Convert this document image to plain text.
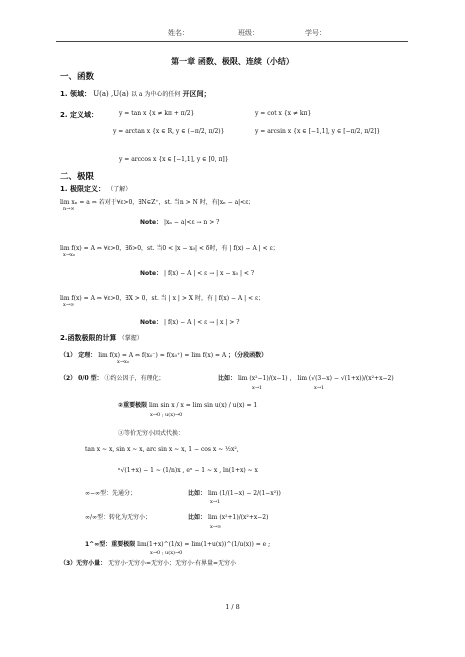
姓名：	班级：	学号：
第一章 函数、极限、连续（小结）
一、函数
1. 领域： U(a) ,U(a) 以 a 为中心的任何 开区间；
2. 定义域：	y = tan x {x ≠ kπ + π/2}	y = cot x {x ≠ kπ}
y = arctan x {x ∈ R, y ∈ (−π/2, π/2)}	y = arcsin x {x ∈ [−1,1], y ∈ [−π/2, π/2]}
y = arccos x {x ∈ [−1,1], y ∈ [0, π]}
二、极限
1. 极限定义： （了解）
lim xₙ = a ⇔ 若对于∀ε>0，∃N∈Z⁺，st. 当n > N 时，有|xₙ − a|<ε；
n→∞
Note： |xₙ − a|<ε → n > ?
lim f(x) = A ⇔ ∀ε>0，∃δ>0，st. 当0 < |x − x₀| < δ时，有 | f(x) − A | < ε；
x→x₀
Note： | f(x) − A | < ε → | x − x₀ | < ?
lim f(x) = A ⇔ ∀ε>0，∃X > 0，st. 当 | x | > X 时，有 | f(x) − A | < ε；
x→∞
Note： | f(x) − A | < ε → | x | > ?
2.函数极限的计算 （掌握）
（1） 定理： lim f(x) = A ⇔ f(x₀⁻) = f(x₀⁺) = lim f(x) = A ；（分段函数）
x→x₀
（2） 0/0 型： ①约公因子，有理化；	比如： lim (x²−1)/(x−1) ， lim (√(3−x) − √(1+x))/(x²+x−2)
x→1	x→1
②重要极限 lim sin x / x = lim sin u(x) / u(x) = 1
x→0 ; u(x)→0
③等价无穷小因式代换：
tan x ~ x, sin x ~ x, arc sin x ~ x, 1 − cos x ~ ½x²,
ⁿ√(1+x) − 1 ~ (1/n)x , eˣ − 1 ~ x , ln(1+x) ~ x
∞−∞型：先通分；	比如： lim (1/(1−x) − 2/(1−x²))
x→1
∞/∞型：转化为无穷小；	比如： lim (x²+1)/(x²+x−2)
x→∞
1^∞型：重要极限 lim(1+x)^(1/x) = lim(1+u(x))^(1/u(x)) = e ;
x→0 ; u(x)→0
（3）无穷小量： 无穷小·无穷小=无穷小；无穷小·有界量=无穷小
1 / 8
